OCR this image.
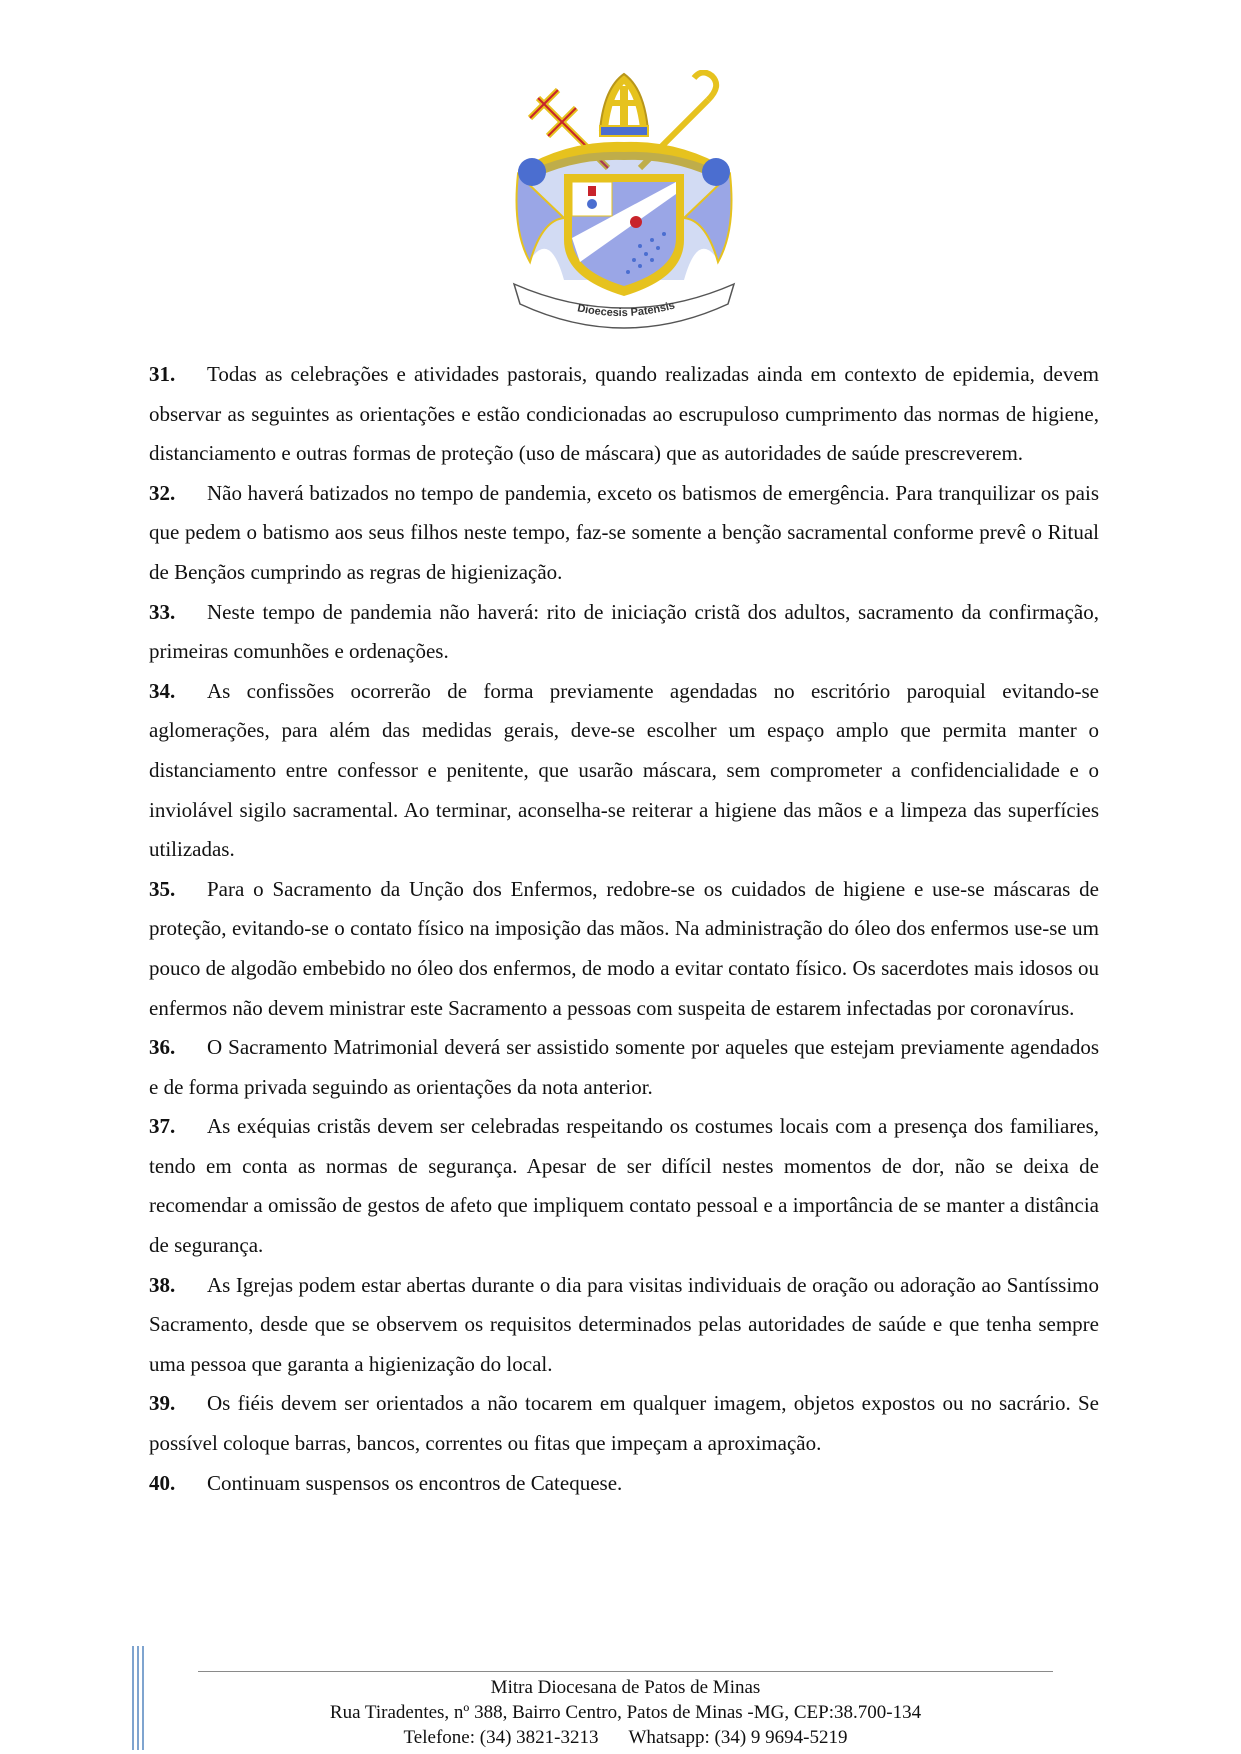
Dioecesis Patensis

31. Todas as celebrações e atividades pastorais, quando realizadas ainda em contexto de epidemia, devem observar as seguintes as orientações e estão condicionadas ao escrupuloso cumprimento das normas de higiene, distanciamento e outras formas de proteção (uso de máscara) que as autoridades de saúde prescreverem.

32. Não haverá batizados no tempo de pandemia, exceto os batismos de emergência. Para tranquilizar os pais que pedem o batismo aos seus filhos neste tempo, faz-se somente a benção sacramental conforme prevê o Ritual de Bençãos cumprindo as regras de higienização.

33. Neste tempo de pandemia não haverá: rito de iniciação cristã dos adultos, sacramento da confirmação, primeiras comunhões e ordenações.

34. As confissões ocorrerão de forma previamente agendadas no escritório paroquial evitando-se aglomerações, para além das medidas gerais, deve-se escolher um espaço amplo que permita manter o distanciamento entre confessor e penitente, que usarão máscara, sem comprometer a confidencialidade e o inviolável sigilo sacramental. Ao terminar, aconselha-se reiterar a higiene das mãos e a limpeza das superfícies utilizadas.

35. Para o Sacramento da Unção dos Enfermos, redobre-se os cuidados de higiene e use-se máscaras de proteção, evitando-se o contato físico na imposição das mãos. Na administração do óleo dos enfermos use-se um pouco de algodão embebido no óleo dos enfermos, de modo a evitar contato físico. Os sacerdotes mais idosos ou enfermos não devem ministrar este Sacramento a pessoas com suspeita de estarem infectadas por coronavírus.

36. O Sacramento Matrimonial deverá ser assistido somente por aqueles que estejam previamente agendados e de forma privada seguindo as orientações da nota anterior.

37. As exéquias cristãs devem ser celebradas respeitando os costumes locais com a presença dos familiares, tendo em conta as normas de segurança. Apesar de ser difícil nestes momentos de dor, não se deixa de recomendar a omissão de gestos de afeto que impliquem contato pessoal e a importância de se manter a distância de segurança.

38. As Igrejas podem estar abertas durante o dia para visitas individuais de oração ou adoração ao Santíssimo Sacramento, desde que se observem os requisitos determinados pelas autoridades de saúde e que tenha sempre uma pessoa que garanta a higienização do local.

39. Os fiéis devem ser orientados a não tocarem em qualquer imagem, objetos expostos ou no sacrário. Se possível coloque barras, bancos, correntes ou fitas que impeçam a aproximação.

40. Continuam suspensos os encontros de Catequese.

Mitra Diocesana de Patos de Minas
Rua Tiradentes, nº 388, Bairro Centro, Patos de Minas -MG, CEP:38.700-134
Telefone: (34) 3821-3213 Whatsapp: (34) 9 9694-5219
